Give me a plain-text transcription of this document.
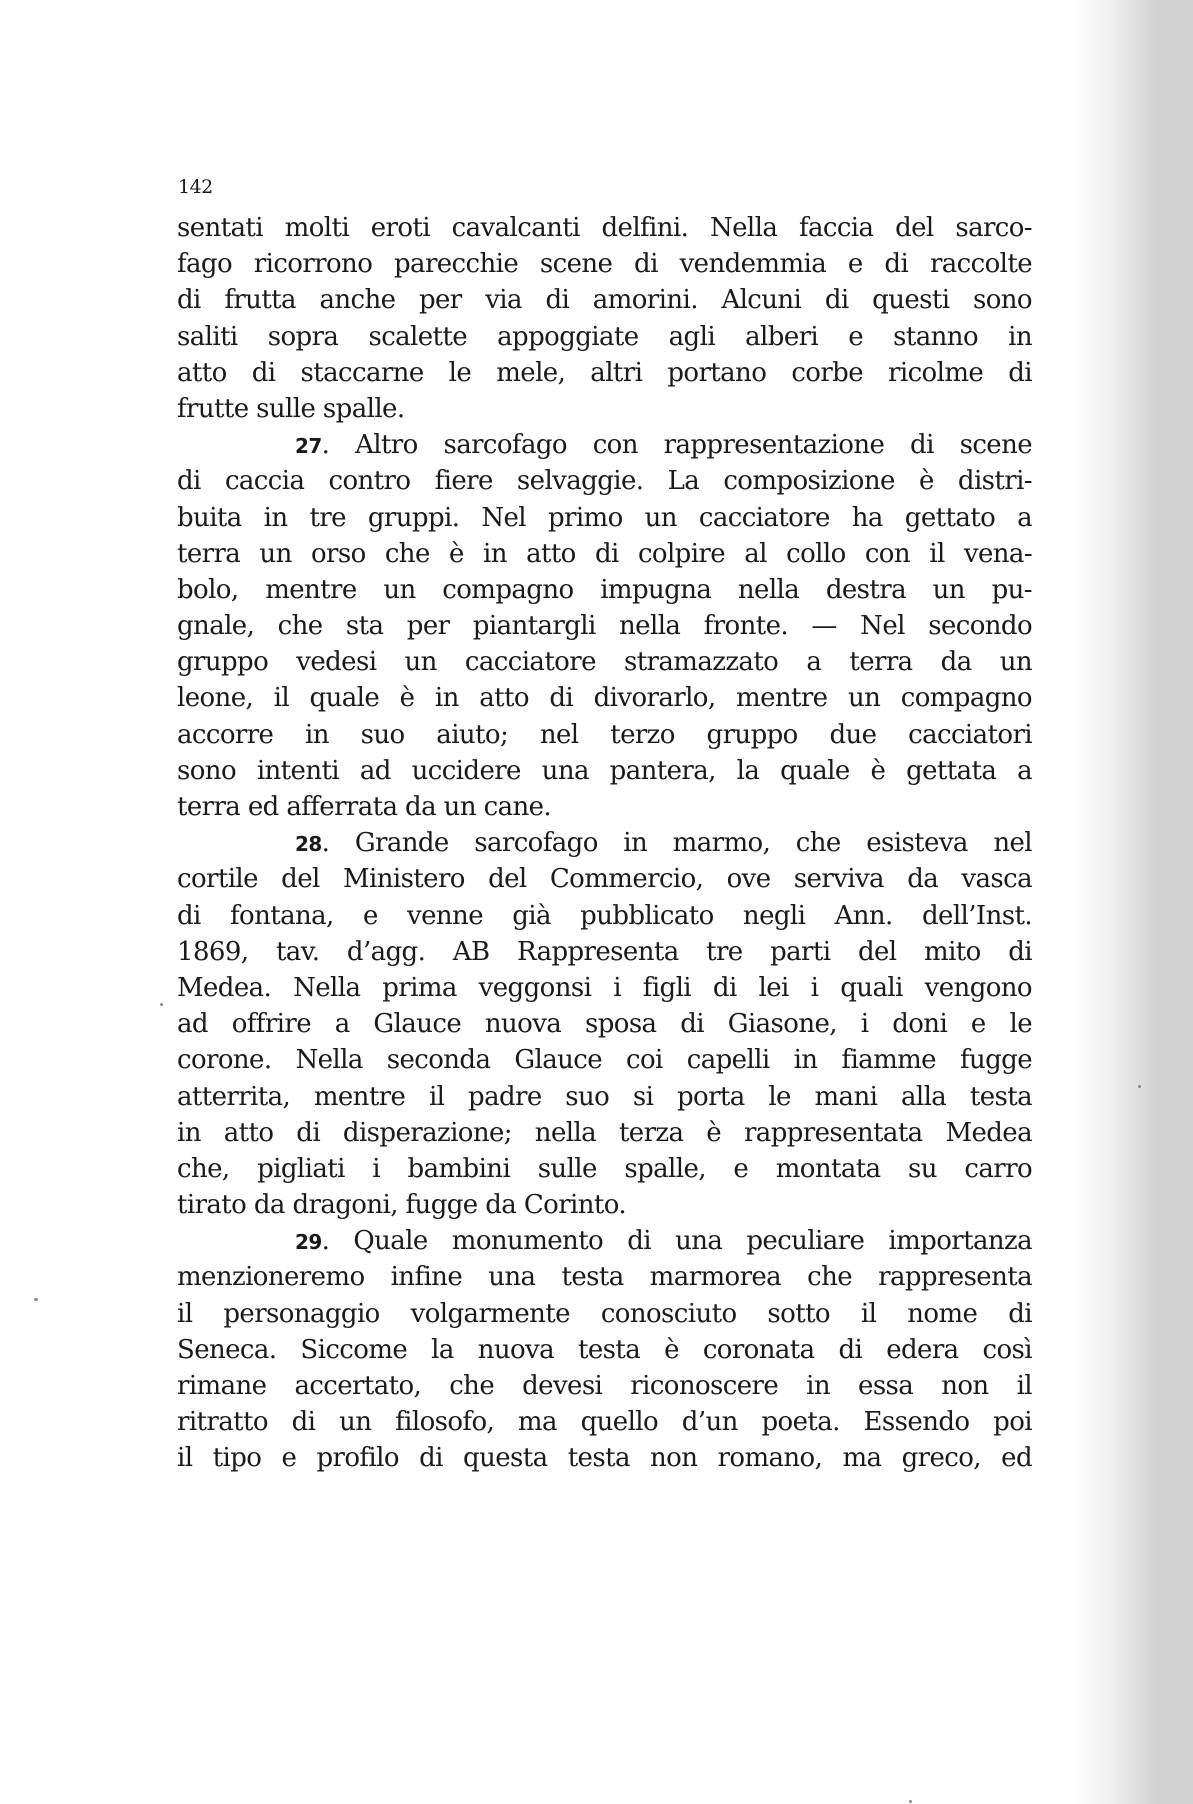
142
sentati molti eroti cavalcanti delfini. Nella faccia del sarco-
fago ricorrono parecchie scene di vendemmia e di raccolte
di frutta anche per via di amorini. Alcuni di questi sono
saliti sopra scalette appoggiate agli alberi e stanno in
atto di staccarne le mele, altri portano corbe ricolme di
frutte sulle spalle.
27. Altro sarcofago con rappresentazione di scene
di caccia contro fiere selvaggie. La composizione è distri-
buita in tre gruppi. Nel primo un cacciatore ha gettato a
terra un orso che è in atto di colpire al collo con il vena-
bolo, mentre un compagno impugna nella destra un pu-
gnale, che sta per piantargli nella fronte. — Nel secondo
gruppo vedesi un cacciatore stramazzato a terra da un
leone, il quale è in atto di divorarlo, mentre un compagno
accorre in suo aiuto; nel terzo gruppo due cacciatori
sono intenti ad uccidere una pantera, la quale è gettata a
terra ed afferrata da un cane.
28. Grande sarcofago in marmo, che esisteva nel
cortile del Ministero del Commercio, ove serviva da vasca
di fontana, e venne già pubblicato negli Ann. dell’Inst.
1869, tav. d’agg. AB Rappresenta tre parti del mito di
Medea. Nella prima veggonsi i figli di lei i quali vengono
ad offrire a Glauce nuova sposa di Giasone, i doni e le
corone. Nella seconda Glauce coi capelli in fiamme fugge
atterrita, mentre il padre suo si porta le mani alla testa
in atto di disperazione; nella terza è rappresentata Medea
che, pigliati i bambini sulle spalle, e montata su carro
tirato da dragoni, fugge da Corinto.
29. Quale monumento di una peculiare importanza
menzioneremo infine una testa marmorea che rappresenta
il personaggio volgarmente conosciuto sotto il nome di
Seneca. Siccome la nuova testa è coronata di edera così
rimane accertato, che devesi riconoscere in essa non il
ritratto di un filosofo, ma quello d’un poeta. Essendo poi
il tipo e profilo di questa testa non romano, ma greco, ed
